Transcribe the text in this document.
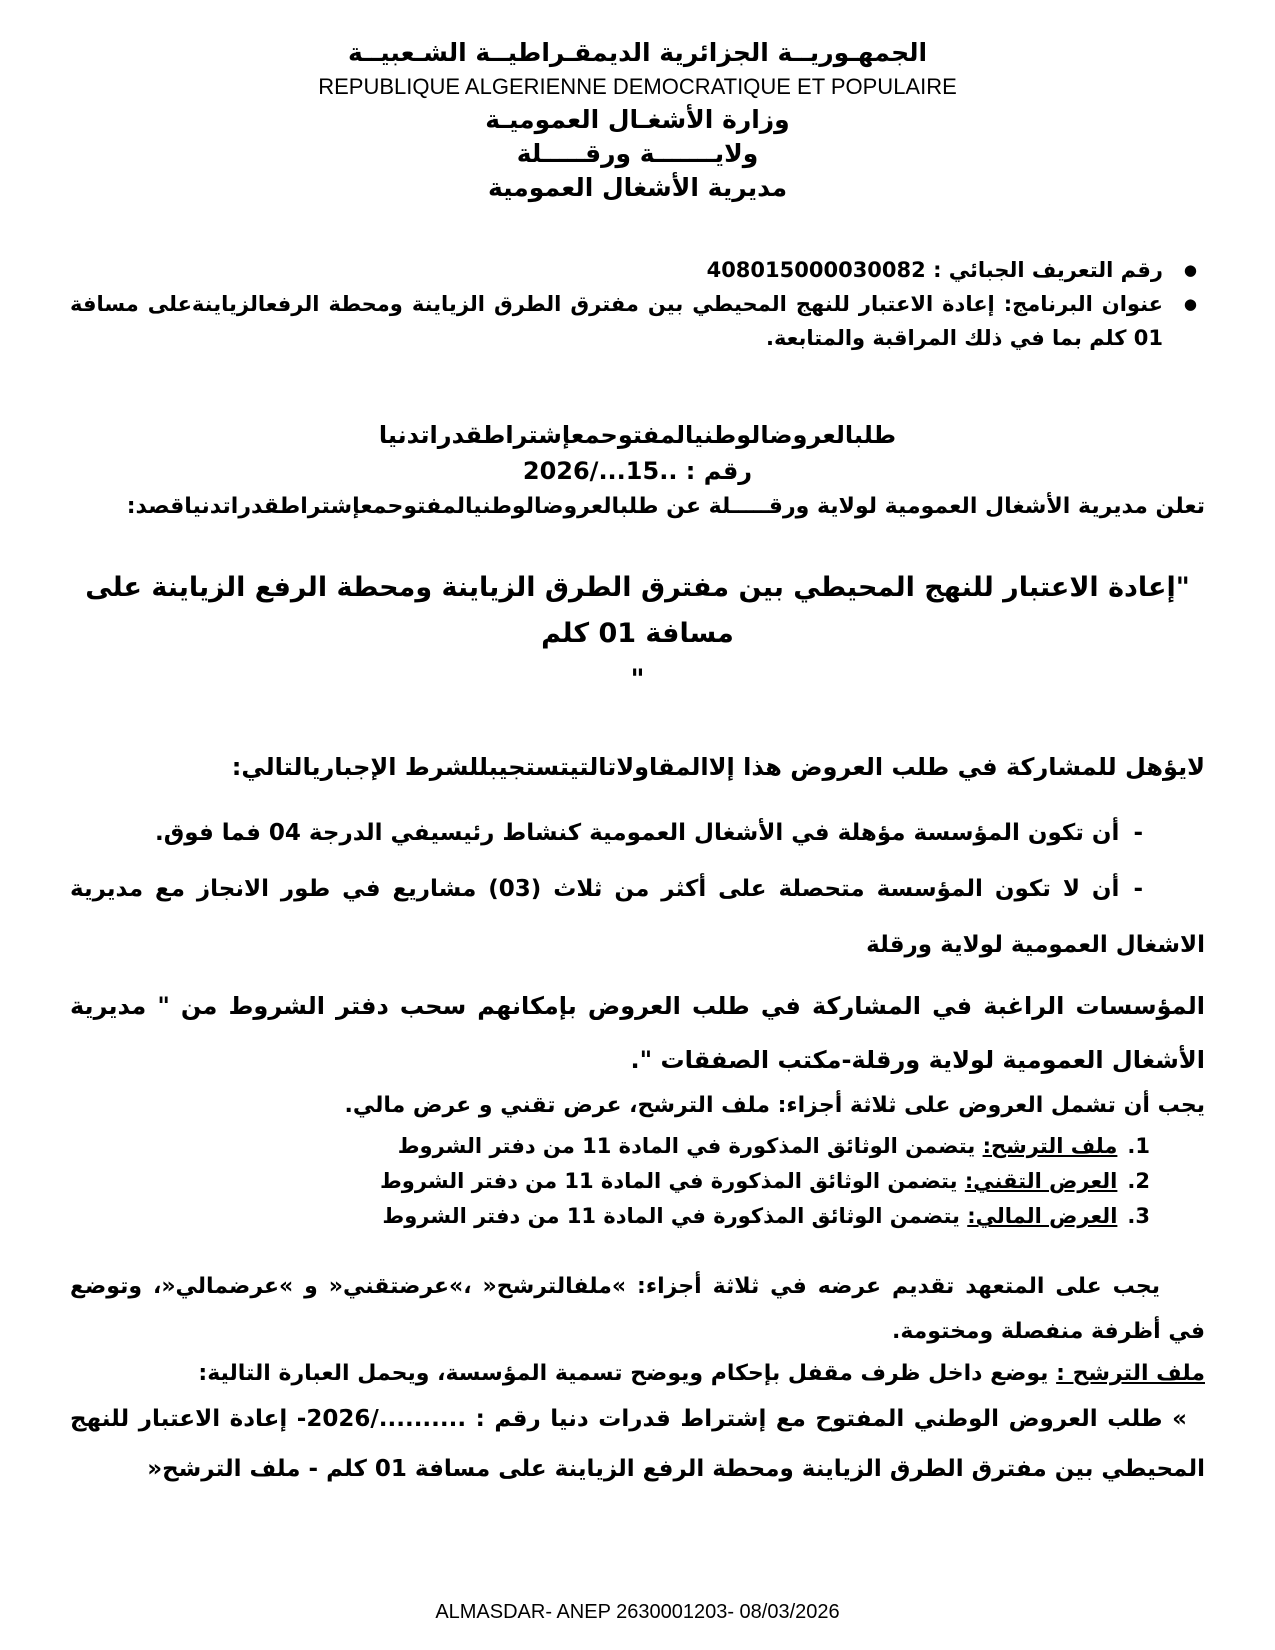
الجمهـوريــة الجزائرية الديمقـراطيــة الشـعبيــة
REPUBLIQUE ALGERIENNE DEMOCRATIQUE ET POPULAIRE
وزارة الأشغـال العموميـة
ولايـــــــة ورقـــــلة
مديرية الأشغال العمومية
●
رقم التعريف الجبائي : 408015000030082
●
عنوان البرنامج: إعادة الاعتبار للنهج المحيطي بين مفترق الطرق الزياينة ومحطة الرفعالزياينةعلى مسافة 01 كلم بما في ذلك المراقبة والمتابعة.
طلبالعروضالوطنيالمفتوحمعإشتراطقدراتدنيا
رقم : ..15.../2026
تعلن مديرية الأشغال العمومية لولاية ورقـــــلة عن طلبالعروضالوطنيالمفتوحمعإشتراطقدراتدنياقصد:
"إعادة الاعتبار للنهج المحيطي بين مفترق الطرق الزياينة ومحطة الرفع الزياينة على مسافة 01 كلم
"
لايؤهل للمشاركة في طلب العروض هذا إلاالمقاولاتالتيتستجيبللشرط الإجباريالتالي:
-أن تكون المؤسسة مؤهلة في الأشغال العمومية كنشاط رئيسيفي الدرجة 04 فما فوق.
-أن لا تكون المؤسسة متحصلة على أكثر من ثلاث (03) مشاريع في طور الانجاز مع مديرية الاشغال العمومية لولاية ورقلة
المؤسسات الراغبة في المشاركة في طلب العروض بإمكانهم سحب دفتر الشروط من " مديرية الأشغال العمومية لولاية ورقلة-مكتب الصفقات ".
يجب أن تشمل العروض على ثلاثة أجزاء: ملف الترشح، عرض تقني و عرض مالي.
1.ملف الترشح: يتضمن الوثائق المذكورة في المادة 11 من دفتر الشروط
2.العرض التقني: يتضمن الوثائق المذكورة في المادة 11 من دفتر الشروط
3.العرض المالي: يتضمن الوثائق المذكورة في المادة 11 من دفتر الشروط
يجب على المتعهد تقديم عرضه في ثلاثة أجزاء: »ملفالترشح« ،»عرضتقني« و »عرضمالي«، وتوضع في أظرفة منفصلة ومختومة.
ملف الترشح : يوضع داخل ظرف مقفل بإحكام ويوضح تسمية المؤسسة، ويحمل العبارة التالية:
» طلب العروض الوطني المفتوح مع إشتراط قدرات دنيا رقم : ........../2026- إعادة الاعتبار للنهج المحيطي بين مفترق الطرق الزياينة ومحطة الرفع الزياينة على مسافة 01 كلم - ملف الترشح«
ALMASDAR- ANEP 2630001203- 08/03/2026
